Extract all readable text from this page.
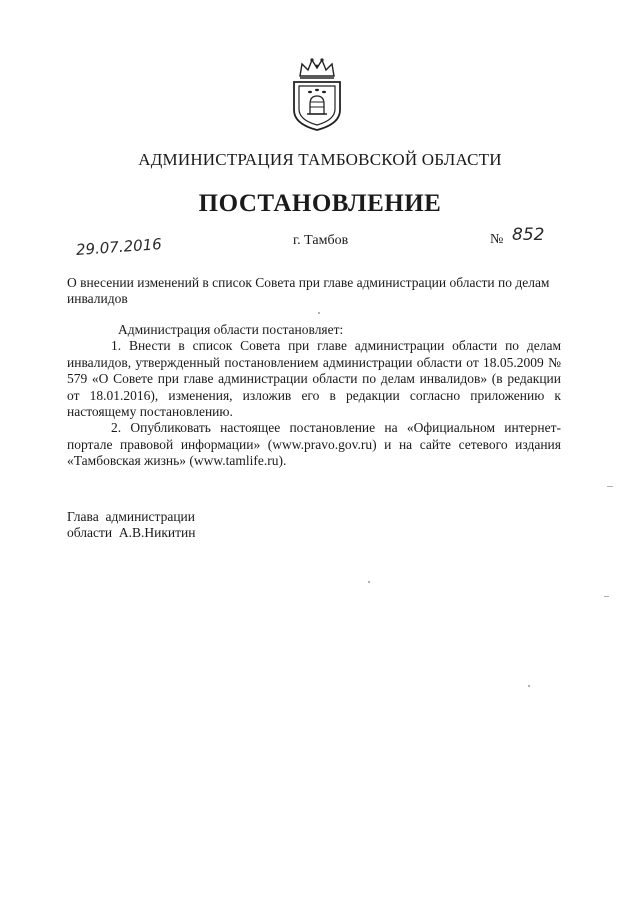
АДМИНИСТРАЦИЯ ТАМБОВСКОЙ ОБЛАСТИ
ПОСТАНОВЛЕНИЕ
29.07.2016	г. Тамбов	№ 852
О внесении изменений в список Совета при главе администрации области по делам инвалидов

Администрация области постановляет:

1. Внести в список Совета при главе администрации области по делам инвалидов, утвержденный постановлением администрации области от 18.05.2009 № 579 «О Совете при главе администрации области по делам инвалидов» (в редакции от 18.01.2016), изменения, изложив его в редакции согласно приложению к настоящему постановлению.

2. Опубликовать настоящее постановление на «Официальном интернет-портале правовой информации» (www.pravo.gov.ru) и на сайте сетевого издания «Тамбовская жизнь» (www.tamlife.ru).

Глава  администрации
области  А.В.Никитин
